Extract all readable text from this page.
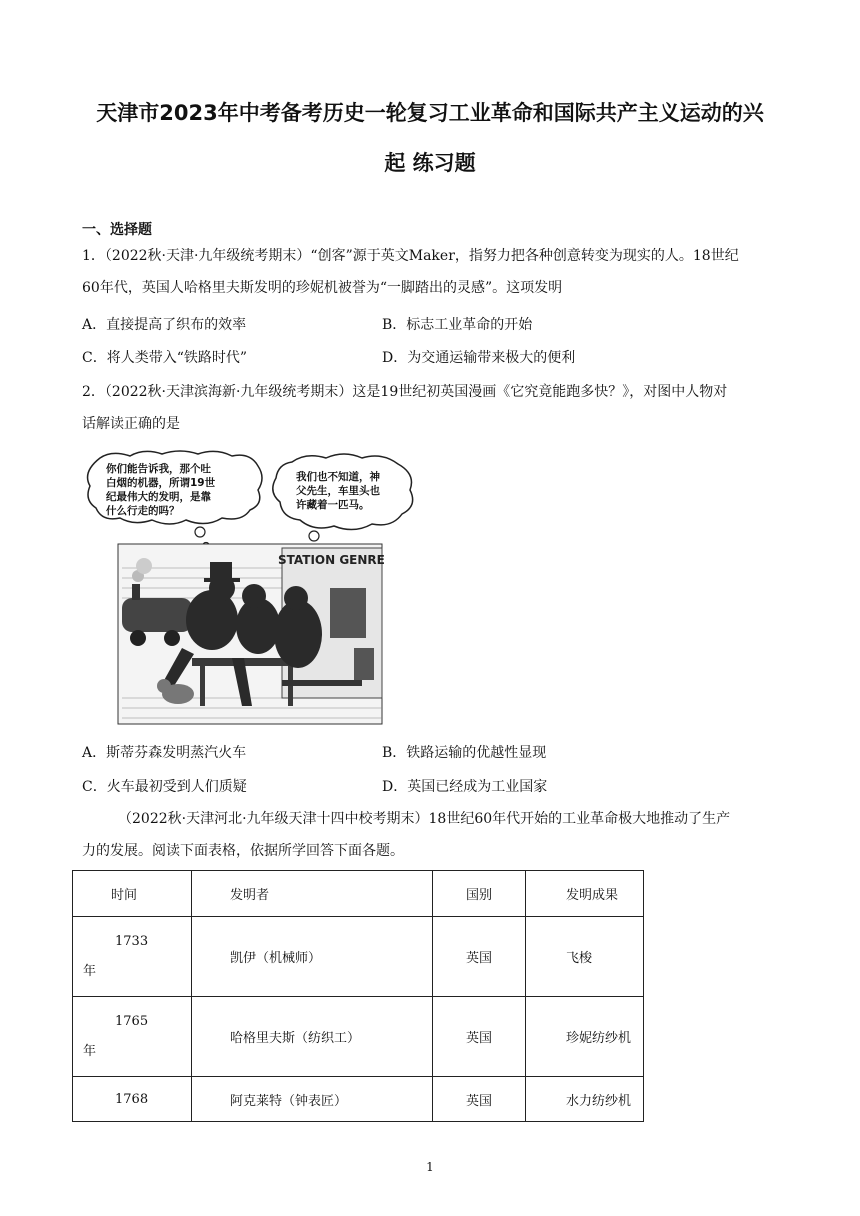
天津市2023年中考备考历史一轮复习工业革命和国际共产主义运动的兴
起 练习题
一、选择题
1．（2022秋·天津·九年级统考期末）“创客”源于英文Maker，指努力把各种创意转变为现实的人。18世纪
60年代，英国人哈格里夫斯发明的珍妮机被誉为“一脚踏出的灵感”。这项发明
A．直接提高了织布的效率	B．标志工业革命的开始
C．将人类带入“铁路时代”	D．为交通运输带来极大的便利
2．（2022秋·天津滨海新·九年级统考期末）这是19世纪初英国漫画《它究竟能跑多快？》，对图中人物对
话解读正确的是
你们能告诉我，那个吐 白烟的机器，所谓19世 纪最伟大的发明，是靠 什么行走的吗？
我们也不知道，神 父先生，车里头也 许藏着一匹马。
STATION GENRE
A．斯蒂芬森发明蒸汽火车	B．铁路运输的优越性显现
C．火车最初受到人们质疑	D．英国已经成为工业国家
（2022秋·天津河北·九年级天津十四中校考期末）18世纪60年代开始的工业革命极大地推动了生产
力的发展。阅读下面表格，依据所学回答下面各题。
时间	发明者	国别	发明成果

1733
年	凯伊（机械师）	英国	飞梭

1765
年	哈格里夫斯（纺织工）	英国	珍妮纺纱机

1768	阿克莱特（钟表匠）	英国	水力纺纱机
1
